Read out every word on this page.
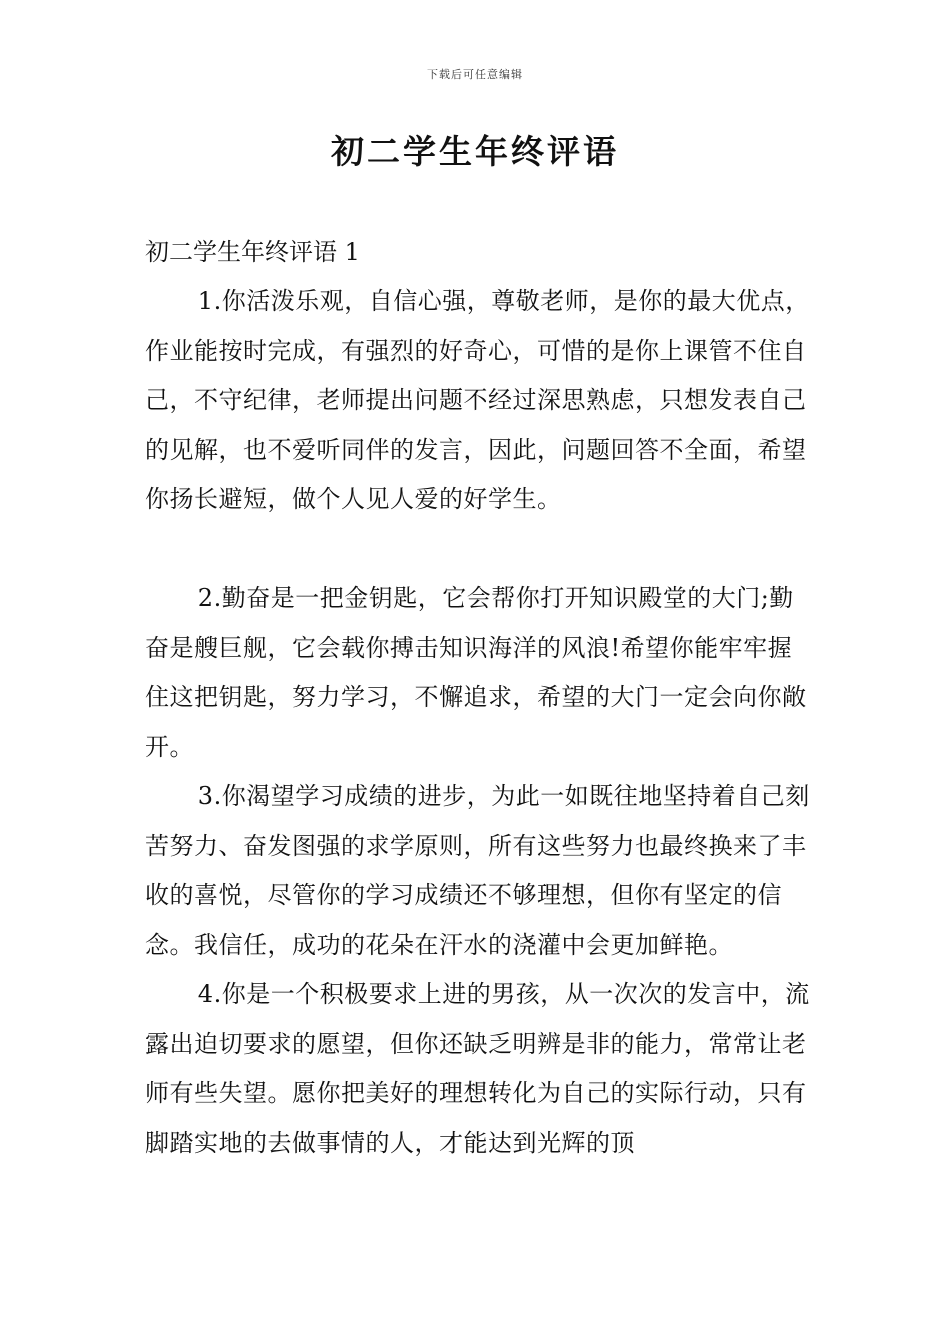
下载后可任意编辑
初二学生年终评语
初二学生年终评语 1

1.你活泼乐观，自信心强，尊敬老师，是你的最大优点，作业能按时完成，有强烈的好奇心，可惜的是你上课管不住自己，不守纪律，老师提出问题不经过深思熟虑，只想发表自己的见解，也不爱听同伴的发言，因此，问题回答不全面，希望你扬长避短，做个人见人爱的好学生。

2.勤奋是一把金钥匙，它会帮你打开知识殿堂的大门;勤奋是艘巨舰，它会载你搏击知识海洋的风浪!希望你能牢牢握住这把钥匙，努力学习，不懈追求，希望的大门一定会向你敞开。

3.你渴望学习成绩的进步，为此一如既往地坚持着自己刻苦努力、奋发图强的求学原则，所有这些努力也最终换来了丰收的喜悦，尽管你的学习成绩还不够理想，但你有坚定的信念。我信任，成功的花朵在汗水的浇灌中会更加鲜艳。

4.你是一个积极要求上进的男孩，从一次次的发言中，流露出迫切要求的愿望，但你还缺乏明辨是非的能力，常常让老师有些失望。愿你把美好的理想转化为自己的实际行动，只有脚踏实地的去做事情的人，才能达到光辉的顶
